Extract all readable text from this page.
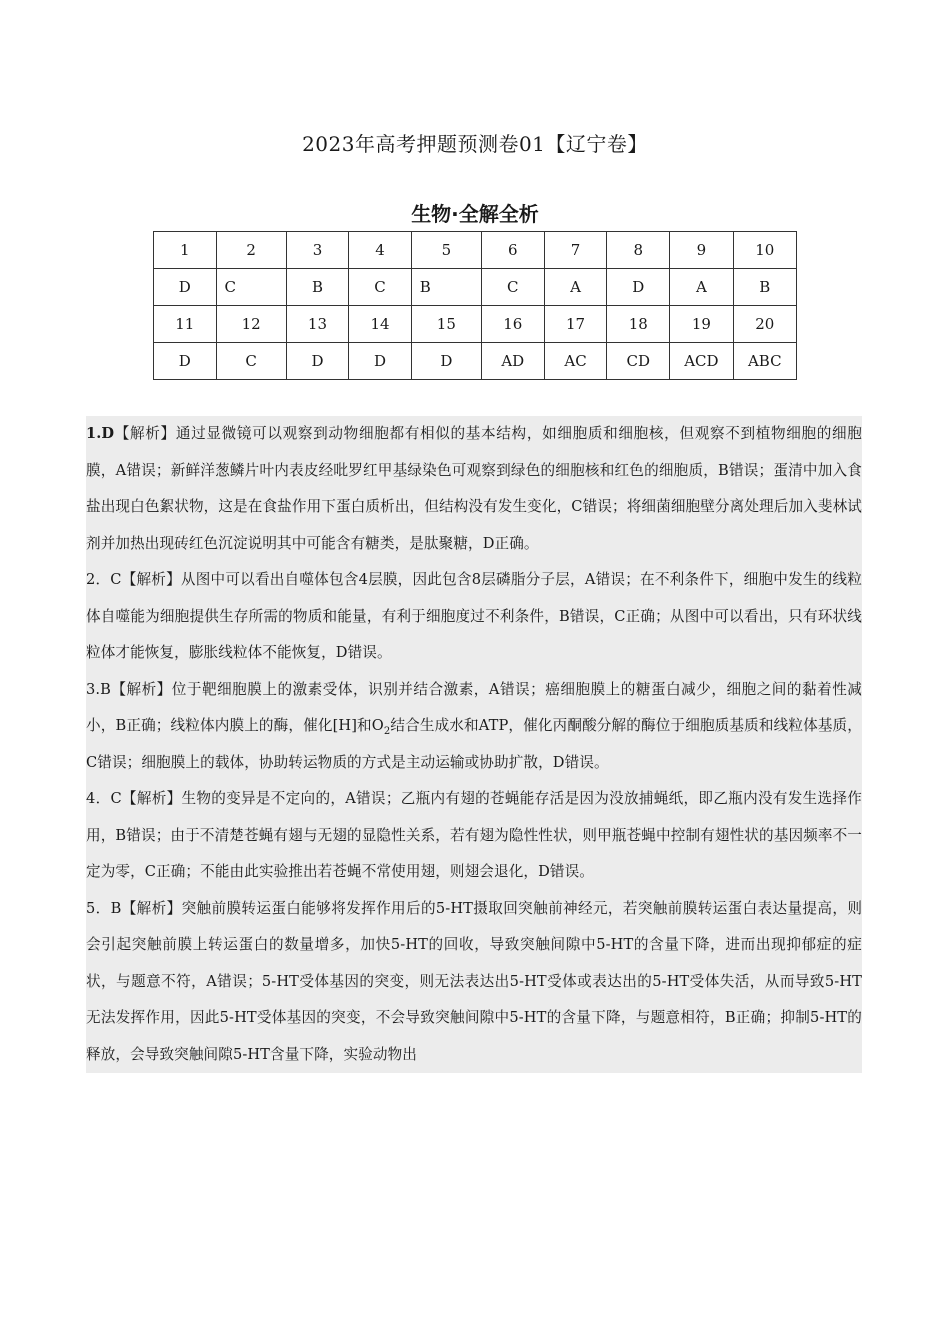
2023年高考押题预测卷01【辽宁卷】
生物·全解全析
1	2	3	4	5	6	7	8	9	10
D	C	B	C	B	C	A	D	A	B
11	12	13	14	15	16	17	18	19	20
D	C	D	D	D	AD	AC	CD	ACD	ABC

1.D【解析】通过显微镜可以观察到动物细胞都有相似的基本结构，如细胞质和细胞核，但观察不到植物细胞的细胞膜，A错误；新鲜洋葱鳞片叶内表皮经吡罗红甲基绿染色可观察到绿色的细胞核和红色的细胞质，B错误；蛋清中加入食盐出现白色絮状物，这是在食盐作用下蛋白质析出，但结构没有发生变化，C错误；将细菌细胞壁分离处理后加入斐林试剂并加热出现砖红色沉淀说明其中可能含有糖类，是肽聚糖，D正确。

2．C【解析】从图中可以看出自噬体包含4层膜，因此包含8层磷脂分子层，A错误；在不利条件下，细胞中发生的线粒体自噬能为细胞提供生存所需的物质和能量，有利于细胞度过不利条件，B错误，C正确；从图中可以看出，只有环状线粒体才能恢复，膨胀线粒体不能恢复，D错误。

3.B【解析】位于靶细胞膜上的激素受体，识别并结合激素，A错误；癌细胞膜上的糖蛋白减少，细胞之间的黏着性减小，B正确；线粒体内膜上的酶，催化[H]和$O_2$结合生成水和ATP，催化丙酮酸分解的酶位于细胞质基质和线粒体基质，C错误；细胞膜上的载体，协助转运物质的方式是主动运输或协助扩散，D错误。

4．C【解析】生物的变异是不定向的，A错误；乙瓶内有翅的苍蝇能存活是因为没放捕蝇纸，即乙瓶内没有发生选择作用，B错误；由于不清楚苍蝇有翅与无翅的显隐性关系，若有翅为隐性性状，则甲瓶苍蝇中控制有翅性状的基因频率不一定为零，C正确；不能由此实验推出若苍蝇不常使用翅，则翅会退化，D错误。

5．B【解析】突触前膜转运蛋白能够将发挥作用后的5-HT摄取回突触前神经元，若突触前膜转运蛋白表达量提高，则会引起突触前膜上转运蛋白的数量增多，加快5-HT的回收，导致突触间隙中5-HT的含量下降，进而出现抑郁症的症状，与题意不符，A错误；5-HT受体基因的突变，则无法表达出5-HT受体或表达出的5-HT受体失活，从而导致5-HT无法发挥作用，因此5-HT受体基因的突变，不会导致突触间隙中5-HT的含量下降，与题意相符，B正确；抑制5-HT的释放，会导致突触间隙5-HT含量下降，实验动物出
